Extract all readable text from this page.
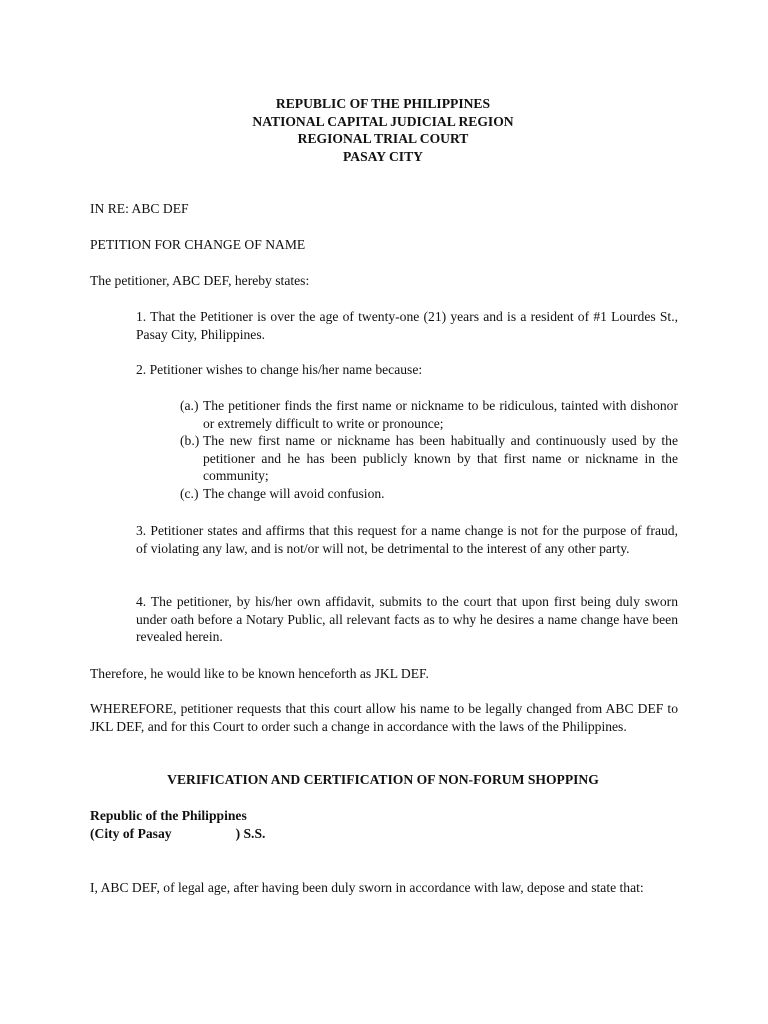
REPUBLIC OF THE PHILIPPINES
NATIONAL CAPITAL JUDICIAL REGION
REGIONAL TRIAL COURT
PASAY CITY
IN RE: ABC DEF
PETITION FOR CHANGE OF NAME
The petitioner, ABC DEF, hereby states:
1. That the Petitioner is over the age of twenty-one (21) years and is a resident of #1 Lourdes St., Pasay City, Philippines.
2. Petitioner wishes to change his/her name because:
(a.) The petitioner finds the first name or nickname to be ridiculous, tainted with dishonor or extremely difficult to write or pronounce;
(b.) The new first name or nickname has been habitually and continuously used by the petitioner and he has been publicly known by that first name or nickname in the community;
(c.) The change will avoid confusion.
3. Petitioner states and affirms that this request for a name change is not for the purpose of fraud, of violating any law, and is not/or will not, be detrimental to the interest of any other party.
4. The petitioner, by his/her own affidavit, submits to the court that upon first being duly sworn under oath before a Notary Public, all relevant facts as to why he desires a name change have been revealed herein.
Therefore, he would like to be known henceforth as JKL DEF.
WHEREFORE, petitioner requests that this court allow his name to be legally changed from ABC DEF to JKL DEF, and for this Court to order such a change in accordance with the laws of the Philippines.
VERIFICATION AND CERTIFICATION OF NON-FORUM SHOPPING
Republic of the Philippines
(City of Pasay	) S.S.
I, ABC DEF, of legal age, after having been duly sworn in accordance with law, depose and state that:
